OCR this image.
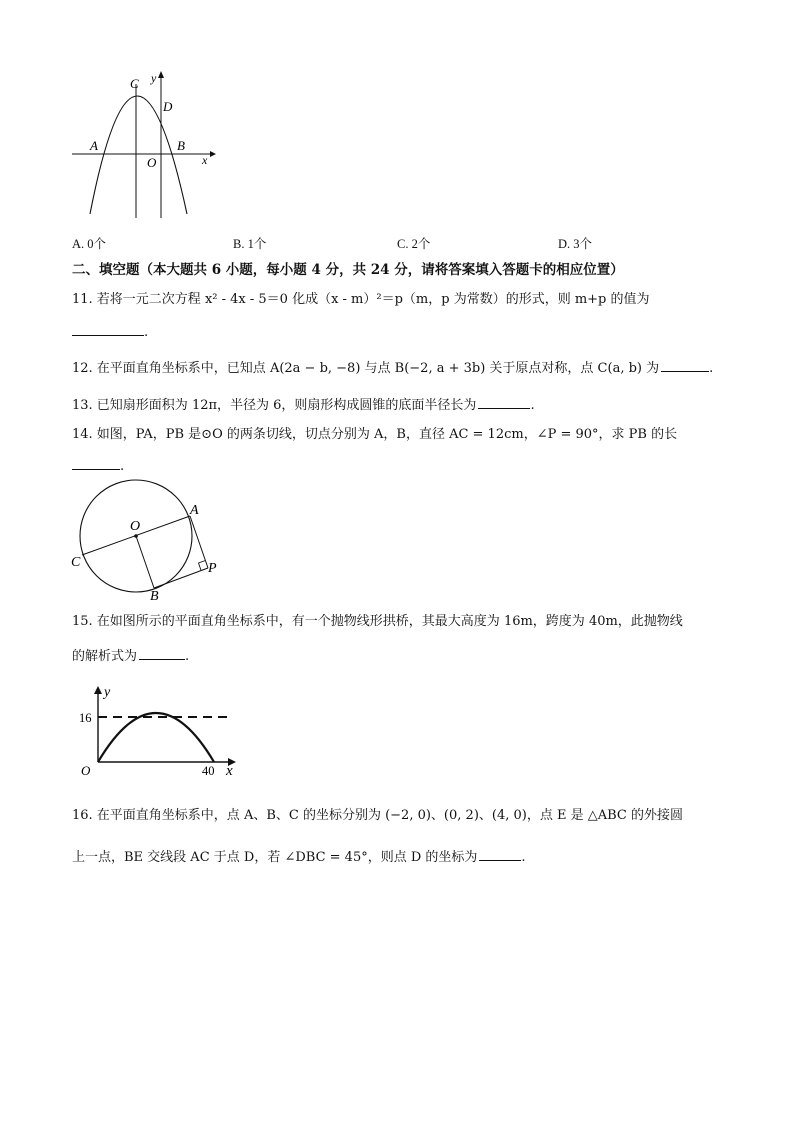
C y
D
A	B
O	x
A. 0个	B. 1个	C. 2个	D. 3个
二、填空题（本大题共 6 小题，每小题 4 分，共 24 分，请将答案填入答题卡的相应位置）
11. 若将一元二次方程 x² - 4x - 5＝0 化成（x - m）²＝p（m，p 为常数）的形式，则 m+p 的值为
.
12. 在平面直角坐标系中，已知点 A(2a − b, −8) 与点 B(−2, a + 3b) 关于原点对称，点 C(a, b) 为	.
13. 已知扇形面积为 12π，半径为 6，则扇形构成圆锥的底面半径长为	.
14. 如图，PA，PB 是⊙O 的两条切线，切点分别为 A，B，直径 AC = 12cm，∠P = 90°，求 PB 的长
.
O
A
C	P
B
15. 在如图所示的平面直角坐标系中，有一个抛物线形拱桥，其最大高度为 16m，跨度为 40m，此抛物线
的解析式为	.
y
16
O	40 x
16. 在平面直角坐标系中，点 A、B、C 的坐标分别为 (−2, 0)、(0, 2)、(4, 0)，点 E 是 △ABC 的外接圆
上一点，BE 交线段 AC 于点 D，若 ∠DBC = 45°，则点 D 的坐标为	.
